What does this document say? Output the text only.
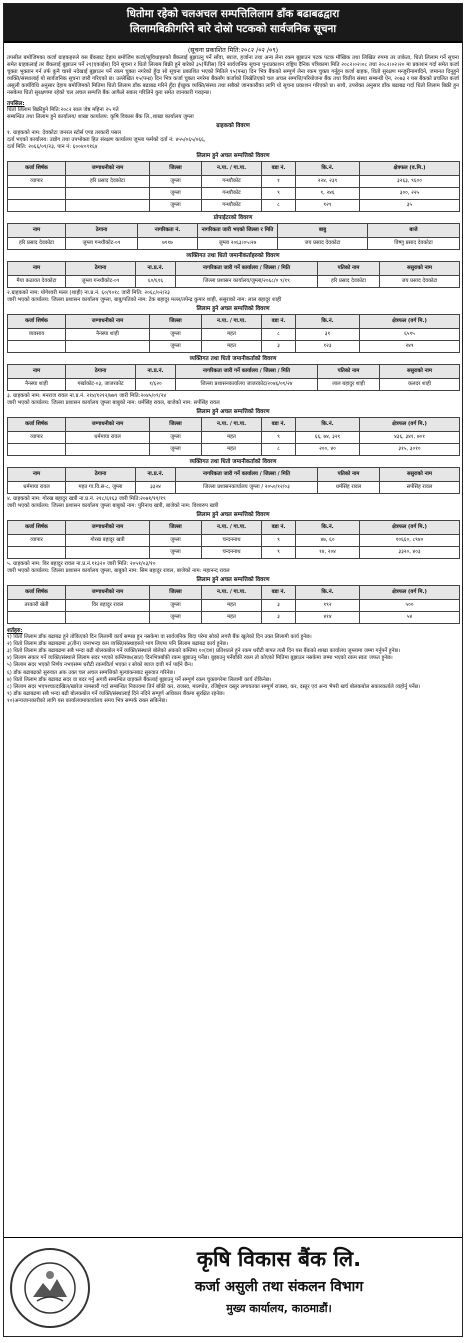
धितोमा रहेको चलअचल सम्पत्तिलिलाम डाँक बढाबढद्वारा
लिलामबिक्रीगरिने बारे दोस्रो पटकको सार्वजनिक सूचना
(सूचना प्रकाशित मिति:२०८२ /०२ /०९)
तपसील बमोजिमका कर्जा ग्राहकहरुले यस बैंकबाट देहाय बमोजिम कर्जा/सुविधाहरुको बैंकलाई बुझाउनु पर्ने साँवा, ब्याज, हर्जाना तथा अन्य लेना रकम बुझाउन पटक पटक मौखिक तथा लिखित रुपमा तर ताकेता, धितो लिलाम गर्ने सूचना समेत ग्राहकलाई तर बैंकलाई बुझाउन पर्ने २१(एकाईस) दिने सूचना र धितो लिलाम बिक्री हुने बारेको ३५(पैंतीस) दिने सार्वजनिक सूचना पुनःप्रकाशन राष्ट्रिय दैनिक पत्रिकामा मिति २०८२।०२।०८ तथा २०८२।०२।२० मा प्रकाशन गर्दा समेत कर्जा चुक्ता भुक्तान गर्न तर्फ कुनै चासो नदेखाई बुझाउन पर्ने रकम चुक्ता नगरेको हुँदा सो सूचना प्रकाशित भएको मितिले १५(पन्ध्र) दिन भित्र बैंकको सम्पूर्ण लेना रकम चुक्ता गर्नुहुन कर्जा ग्राहक, धितो सुरक्षण मन्जुरीनामादिने, जमानत दिनुहुने व्यक्ति/संस्थालाई यो सार्वजनिक सूचना जारी गरिएको छ। उल्लेखित १५(पन्ध्र) दिन भित्र कर्जा चुक्ता नगरेमा बैंकसँग कर्जाको लिखेतिएको चल अचल सम्पत्ति/परियोजना बैंक तथा वित्तीय संस्था सम्बन्धी ऐन, २०७३ र यस बैंकको प्रचलित कर्जा असुली कार्यविधि अनुसार देहाय बमोजिमको मितिमा धितो लिलाम डाँक बढाबढ गरिने हुँदा ईच्छुक व्यक्ति/संस्था तथा सबैको जानकारीका लागि यो सूचना प्रकाशन गरिएको छ। साथै, उपरोक्त अनुसार डाँक बढाबढ गर्दा धितो लिलाम बिक्री हुन नसकेमा धितो सुरक्षणमा रहेको चल अचल सम्पत्ति बैंक आफैले सकार गरिलिने कुरा समेत जानकारी गराइन्छ।
तपसिल:
धितो लिलाम बिक्रीहुने मिति:२०८२ साल जेष्ठ महिना २५ गते
सम्बन्धित तथा लिलाम हुने कार्यालय/ शाखा कार्यालय: कृषि विकास बैंक लि.,शाखा कार्यालय जुम्ला
ग्राहकको विवरण
१. ग्राहकको नाम: देवकोटा जनरल स्टोर्स एण्ड तरकारी पसल
दर्ता भएको कार्यालय: उद्योग तथा उपभोक्ता हित संरक्षण कार्यालय जुम्ला फर्मको दर्ता नं: ४५५/०६५/०६६,
दर्ता मिति: २०६६/०१/२३, पान नं: ६००४०९१६४
लिलाम हुने अचल सम्पत्तिको विवरण
कर्जा शिर्षक	जग्गाधनीको नाम	जिल्ला	न.पा. / गा.पा.	वडा नं.	कि.नं.	क्षेत्रफल (व.मि.)
व्यापार	हरि प्रसाद देवकोटा	जुम्ला	गन्थ्यौकोट	१	२२४, २३९	३२६३, ९६००
		जुम्ला	गन्थ्यौकोट	९	१, २४६	३००, २२५
		जुम्ला	गन्थ्यौकोट	८	१२१	३५
प्रोपाईटरको विवरण
नाम	ठेगाना	नागरिकता नं.	नागरिकता जारी भएको जिल्ला र मिति	बाबु	बाजे
हरि प्रसाद देवकोटा	जुम्ला गन्थ्यौकोट-०९	७११७	जुम्ला २०६३।०५।२७	जय प्रसाद देवकोटा	विष्णु प्रसाद देवकोटा
व्यक्तिगत तथा धितो जमानीकर्ताहरुको विवरण
नाम	ठेगाना	ना.प्र.नं.	नागरिकता जारी गर्ने कार्यालय / जिल्ला / मिति	पतिको नाम	ससुराको नाम
मैया कठायत देवकोटा	जुम्ला गन्थ्यौकोट-०९	६०/६१६	जिल्ला प्रशासन कार्यालय/जुम्ला/२०६८/० ९/१९	हरि प्रसाद देवकोटा	जय प्रसाद देवकोटा
२.ग्राहकको नाम: योगेश्वरी मल्ल (शाही) ना.प्र.नं. ६०/१०१८ जारी मिति: २०६८/०२/२३
जारी भएको कार्यालय: जिल्ला प्रशासन कार्यालय जुम्ला, बाबु/पतिको नाम: टेक बहादुर मल्ल/तपेन्द्र कुमार शाही, ससुराको नाम: लाल बहादुर शाही
लिलाम हुने अचल सम्पत्तिको विवरण
कर्जा शिर्षक	जग्गाधनीको नाम	जिल्ला	न.पा. / गा.पा.	वडा नं.	कि.नं.	क्षेत्रफल (वर्ग मि.)
व्यवसाय	नैनस्या शाही	जुम्ला	महत	८	३१	६५९५
		जुम्ला	महत	३	१२३	२४९
व्यक्तिगत तथा धितो जमानीकर्ताको विवरण
नाम	ठेगाना	ना.प्र.नं.	नागरिकता जारी गर्ने कार्यालय / जिल्ला / मिति	पतिको नाम	ससुराको नाम
नैनस्या शाही	गर्खाकोट-०३, जाजरकोट	१/६२०	जिल्ला प्रशासनकार्यालय जाजरकोट/२०४६/०१/२४	लाल बहादुर शाही	कलदर शाही
३. ग्राहकको नाम: मनराज रावल ना.प्र.नं. २१४/१२१२/७७९ जारी मिति:२०४५/०९/२४
जारी भएको कार्यालय: जिल्ला प्रशासन कार्यालय जुम्ला बाबुको नाम: धर्मसिंह रावल, बाजेको नाम: सर्पसिंह रावल
लिलाम हुने अचल सम्पत्तिको विवरण
कर्जा शिर्षक	जग्गाधनीको नाम	जिल्ला	न.पा. / गा.पा.	वडा नं.	कि.नं.	क्षेत्रफल (वर्ग मि.)
व्यापार	धर्ममाया रावल	जुम्ला	महत	९	६६, ७४, ३२१	४३६, ३४१, ७०१
		जुम्ला	महत	८	२००, ४०	३१५, ३०१०
व्यक्तिगत तथा धितो जमानीकर्ताको विवरण
नाम	ठेगाना	ना.प्र.नं.	नागरिकता जारी गर्ने कार्यालय / जिल्ला / मिति	पतिको नाम	ससुराको नाम
धर्ममाया रावल	महत गा.वि.स-८, जुम्ला	३३२४	जिल्ला प्रशासनकार्यालय जुम्ला / २०५०/१२/०३	धर्मसिंह रावल	सर्पसिंह रावल
४. ग्राहकको नाम: गोरख बहादुर खत्री ना.प्र.नं. २१८/६१६३ जारी मिति:२०७१/११/१९
जारी भएको कार्यालय: जिल्ला प्रशासन कार्यालय जुम्ला बाबुको नाम: पुरिनाथ खत्री, बाजेको नाम: विश्वरुप खत्री
लिलाम हुने अचल सम्पत्तिको विवरण
कर्जा शिर्षक	जग्गाधनीको नाम	जिल्ला	न.पा. / गा.पा.	वडा नं.	कि.नं.	क्षेत्रफल (वर्ग मि.)
व्यापार	गोरख बहादुर खत्री	जुम्ला	चन्दननाथ	९	४७, ६०	१०६६०, ८९४०
		जुम्ला	चन्दननाथ	९	१४, २०४	३३२०, ४०३
५. ग्राहकको नाम: विर बहादुर रावल ना.प्र.नं.११३२० जारी मिति: २०५१/०३/१०
जारी भएको कार्यालय: जिल्ला प्रशासन कार्यालय जुम्ला, बाबुको नाम: सिम बहादुर रावल, बाजेको नाम: महानन्द रावल
लिलाम हुने अचल सम्पत्तिको विवरण
कर्जा शिर्षक	जग्गाधनीको नाम	जिल्ला	न.पा. / गा.पा.	वडा नं.	कि.नं.	क्षेत्रफल (वर्ग मि.)
तरकारी खेती	विर बहादुर रावल	जुम्ला	महत	३	१९२	५००
		जुम्ला	महत	३	४१४	५४
शर्तहरु:
१) धितो लिलाम डाँक बढाबढ हुने तोकिएको दिन लिलामी कार्य सम्पन्न हुन नसकेमा वा सार्वजनिक बिदा परेमा सोको लगत्तै बैंक खुलेको दिन उक्त लिलामी कार्य हुनेछ।
२) धितो लिलाम डाँक बढाबढमा ३(तीन) जनाभन्दा कम व्यक्ति/संस्थाहरुले भाग लिएमा पनि लिलाम बढाबढ कार्य हुनेछ।
३) धितो लिलाम डाँक बढाबढमा सबै भन्दा बढी बोलकबोल गर्ने व्यक्ति/संस्थाले बोलेको अंकको कम्तिमा १०(दश) प्रतिशतले हुने रकम धरौटी बापत त्यसै दिन यस बैंकको शाखा कार्यालय जुम्लामा जम्मा गर्नुपर्ने हुनेछ।
४) लिलाम सकार गर्ने व्यक्ति/संस्थाले लिलाम सदर भएको कम्तिमा७(सात) दिनभित्रबाँकी रकम बुझाउनु पर्नेछ। बुझाउनु पर्नेबाँकी रकम तो कोएको मितिमा बुझाउन नसकेमा जम्मा भएको रकम स्वतः जफत हुनेछ।
५) लिलाम सदर भएको निर्णय नभएसम्म धरौटी रकमविर्ता भएका र सोको ब्याज दावी गर्न पाईने छैन।
६) डाँक बढाबढको सुरुवात अंक उक्त चल अचल सम्पत्तिको मूल्यांकनबाट सुरुवात गरिनेछ।
७) धितो लिलाम डाँक बढाबढ सदर वा बदर गर्नु अगावै सम्बन्धित ग्राहकले बैंकलाई बुझाउनु पर्ने सम्पूर्ण रकम चुक्तागरेमा लिलामी कार्य रोकिनेछ।
८) लिलाम सदर भएपश्चात्दाखिल/खारेज नामसारी गर्दा सम्बन्धित निकायमा तिर्न बाँकी कर, राजस्व, मालपोत, रजिष्ट्रेशन दस्तुर लगायतका सम्पूर्ण राजस्व, कर, दस्तुर एवं अन्य भैपरी खर्च बोलकबोल सकारकर्ताले व्यहोर्नु पर्नेछ।
९) डाँक बढाबढमा सबै भन्दा बढी बोलकबोल गर्ने व्यक्ति/संस्थालाई दिने नदिने सम्पूर्ण अधिकार बैंकमा सुरक्षित रहनेछ।
१०)अन्यजानकारीको लागि यस कार्यालयमाकार्यालय समय भित्र सम्पर्क राख्न सकिनेछ।
कृषि विकास बैंक लि.
कर्जा असुली तथा संकलन विभाग
मुख्य कार्यालय, काठमाडौं।
